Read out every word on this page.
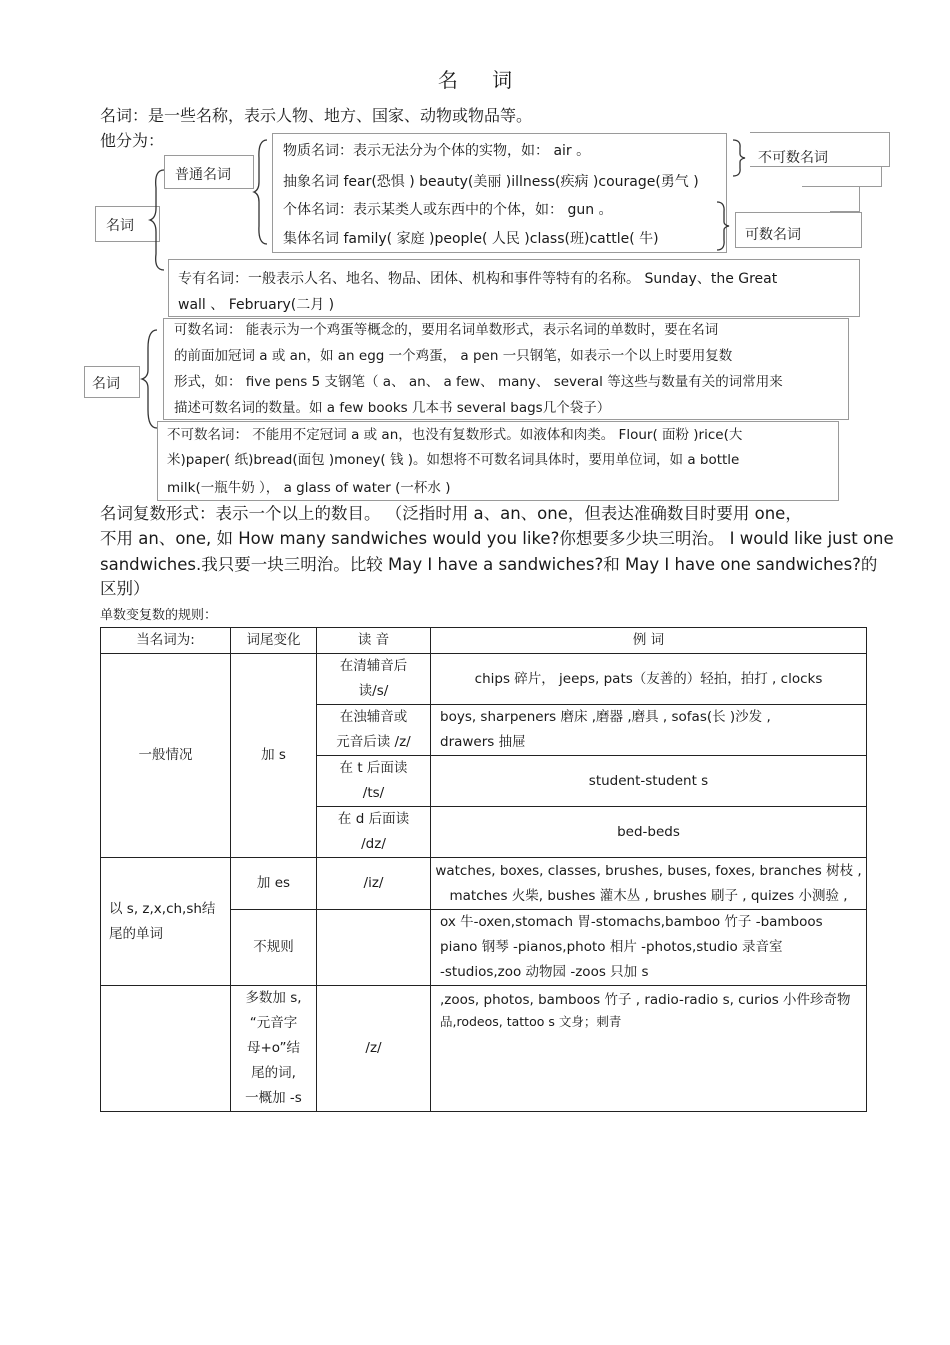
名 词
名词：是一些名称，表示人物、地方、国家、动物或物品等。
他分为：
名词
普通名词
物质名词：表示无法分为个体的实物，如： air 。
抽象名词 fear(恐惧 ) beauty(美丽 )illness(疾病 )courage(勇气 )
个体名词：表示某类人或东西中的个体，如： gun 。
集体名词 family( 家庭 )people( 人民 )class(班)cattle( 牛)
不可数名词
可数名词
专有名词：一般表示人名、地名、物品、团体、机构和事件等特有的名称。 Sunday、the Great
wall 、 February(二月 )
名词
可数名词： 能表示为一个鸡蛋等概念的，要用名词单数形式，表示名词的单数时，要在名词
的前面加冠词 a 或 an，如 an egg 一个鸡蛋， a pen 一只钢笔，如表示一个以上时要用复数
形式，如： five pens 5 支钢笔（ a、 an、 a few、 many、 several 等这些与数量有关的词常用来
描述可数名词的数量。如 a few books 几本书 several bags几个袋子）
不可数名词： 不能用不定冠词 a 或 an，也没有复数形式。如液体和肉类。 Flour( 面粉 )rice(大
米)paper( 纸)bread(面包 )money( 钱 )。如想将不可数名词具体时，要用单位词，如 a bottle
milk(一瓶牛奶 ）， a glass of water (一杯水 )
名词复数形式：表示一个以上的数目。 （泛指时用 a、an、one，但表达准确数目时要用 one，
不用 an、one, 如 How many sandwiches would you like?你想要多少块三明治。 I would like just one
sandwiches.我只要一块三明治。比较 May I have a sandwiches?和 May I have one sandwiches?的
区别）
单数变复数的规则：
当名词为:	词尾变化	读 音	例 词
一般情况	加 s	在清辅音后
读/s/	chips 碎片， jeeps, pats（友善的）轻拍，拍打 , clocks
		在浊辅音或
元音后读 /z/	boys, sharpeners 磨床 ,磨器 ,磨具 , sofas(长 )沙发 ,
drawers 抽屉
		在 t 后面读
/ts/	student-student s
		在 d 后面读
/dz/	bed-beds
以 s, z,x,ch,sh结
尾的单词	加 es	/iz/	watches, boxes, classes, brushes, buses, foxes, branches 树枝 ,
matches 火柴, bushes 灌木丛 , brushes 刷子 , quizes 小测验 ,
	不规则		ox 牛-oxen,stomach 胃-stomachs,bamboo 竹子 -bamboos
piano 钢琴 -pianos,photo 相片 -photos,studio 录音室
-studios,zoo 动物园 -zoos 只加 s
	多数加 s,
“元音字
母+o”结
尾的词,
一概加 -s	/z/	,zoos, photos, bamboos 竹子 , radio-radio s, curios 小件珍奇物
品,rodeos, tattoo s 文身；刺青
